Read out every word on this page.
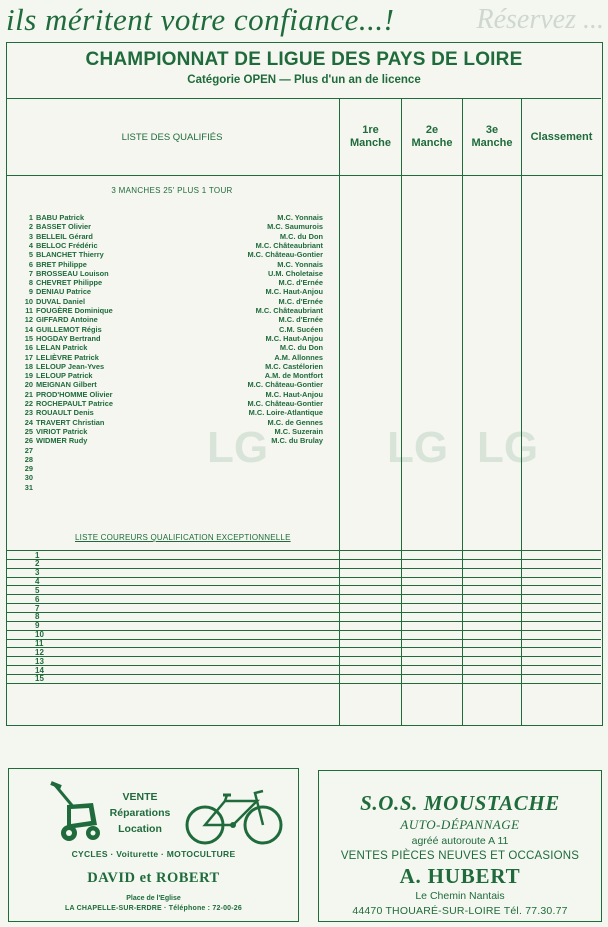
Réservez ...
ils méritent votre confiance...!
LG LG
LG
CHAMPIONNAT DE LIGUE DES PAYS DE LOIRE
Catégorie OPEN — Plus d'un an de licence
LISTE DES QUALIFIÉS
1re
Manche
2e
Manche
3e
Manche
Classement
3 MANCHES 25' PLUS 1 TOUR
1 BABU Patrick	M.C. Yonnais
2 BASSET Olivier	M.C. Saumurois
3 BELLEIL Gérard	M.C. du Don
4 BELLOC Frédéric	M.C. Châteaubriant
5 BLANCHET Thierry	M.C. Château-Gontier
6 BRET Philippe	M.C. Yonnais
7 BROSSEAU Louison	U.M. Choletaise
8 CHEVRET Philippe	M.C. d'Ernée
9 DENIAU Patrice	M.C. Haut-Anjou
10 DUVAL Daniel	M.C. d'Ernée
11 FOUGÈRE Dominique	M.C. Châteaubriant
12 GIFFARD Antoine	M.C. d'Ernée
14 GUILLEMOT Régis	C.M. Sucéen
15 HOGDAY Bertrand	M.C. Haut-Anjou
16 LELAN Patrick	M.C. du Don
17 LELIÈVRE Patrick	A.M. Allonnes
18 LELOUP Jean-Yves	M.C. Castélorien
19 LELOUP Patrick	A.M. de Montfort
20 MEIGNAN Gilbert	M.C. Château-Gontier
21 PROD'HOMME Olivier	M.C. Haut-Anjou
22 ROCHEPAULT Patrice	M.C. Château-Gontier
23 ROUAULT Denis	M.C. Loire-Atlantique
24 TRAVERT Christian	M.C. de Gennes
25 VIRIOT Patrick	M.C. Suzerain
26 WIDMER Rudy	M.C. du Brulay
27
28
29
30
31
LISTE COUREURS QUALIFICATION EXCEPTIONNELLE
1
2
3
4
5
6
7
8
9
10
11
12
13
14
15
VENTE
Réparations
Location
CYCLES · Voiturette · MOTOCULTURE
DAVID et ROBERT
Place de l'Eglise
LA CHAPELLE-SUR-ERDRE · Téléphone : 72-00-26
S.O.S. MOUSTACHE
AUTO-DÉPANNAGE
agréé autoroute A 11
VENTES PIÈCES NEUVES ET OCCASIONS
A. HUBERT
Le Chemin Nantais
44470 THOUARÉ-SUR-LOIRE Tél. 77.30.77
